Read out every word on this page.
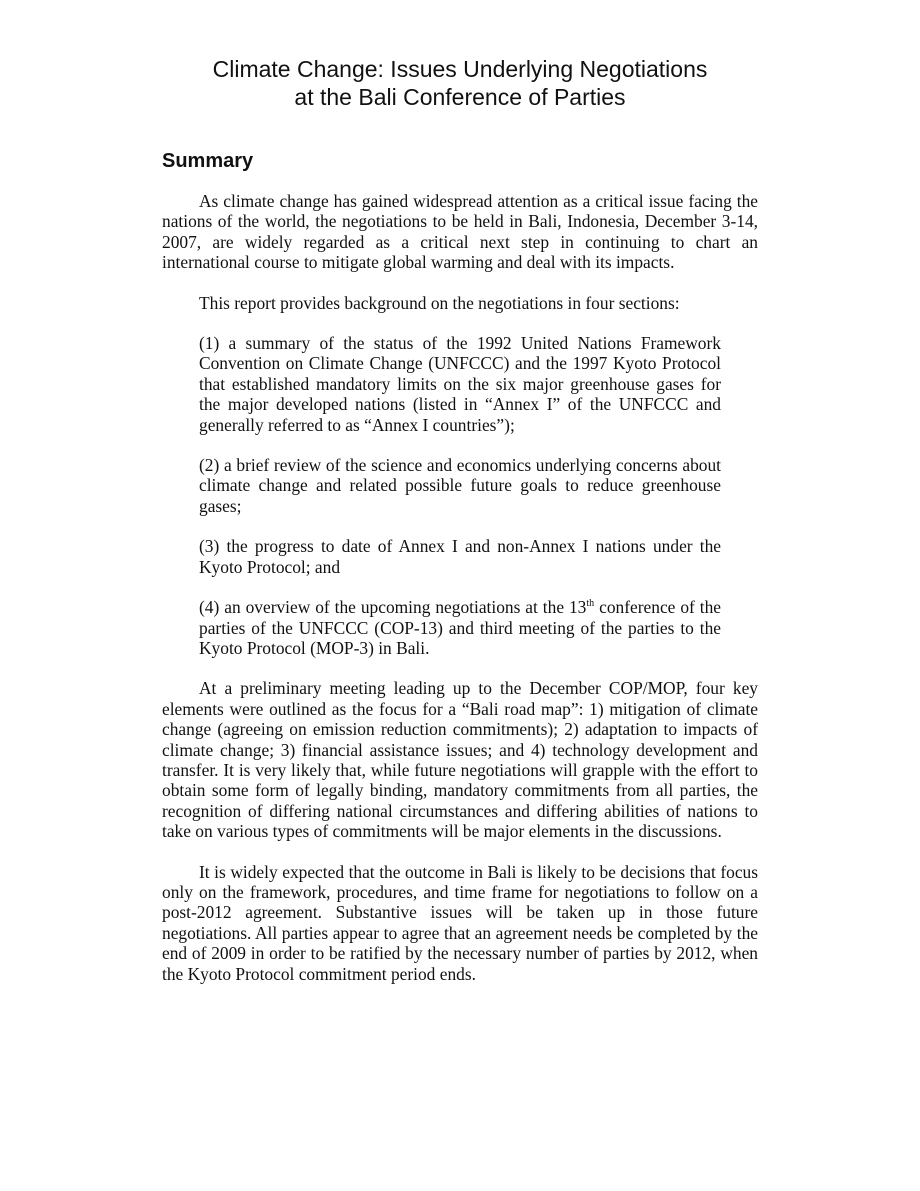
Climate Change: Issues Underlying Negotiations
at the Bali Conference of Parties
Summary

As climate change has gained widespread attention as a critical issue facing the nations of the world, the negotiations to be held in Bali, Indonesia, December 3-14, 2007, are widely regarded as a critical next step in continuing to chart an international course to mitigate global warming and deal with its impacts.

This report provides background on the negotiations in four sections:

(1) a summary of the status of the 1992 United Nations Framework Convention on Climate Change (UNFCCC) and the 1997 Kyoto Protocol that established mandatory limits on the six major greenhouse gases for the major developed nations (listed in “Annex I” of the UNFCCC and generally referred to as “Annex I countries”);

(2) a brief review of the science and economics underlying concerns about climate change and related possible future goals to reduce greenhouse gases;

(3) the progress to date of Annex I and non-Annex I nations under the Kyoto Protocol; and

(4) an overview of the upcoming negotiations at the 13th conference of the parties of the UNFCCC (COP-13) and third meeting of the parties to the Kyoto Protocol (MOP-3) in Bali.

At a preliminary meeting leading up to the December COP/MOP, four key elements were outlined as the focus for a “Bali road map”: 1) mitigation of climate change (agreeing on emission reduction commitments); 2) adaptation to impacts of climate change; 3) financial assistance issues; and 4) technology development and transfer. It is very likely that, while future negotiations will grapple with the effort to obtain some form of legally binding, mandatory commitments from all parties, the recognition of differing national circumstances and differing abilities of nations to take on various types of commitments will be major elements in the discussions.

It is widely expected that the outcome in Bali is likely to be decisions that focus only on the framework, procedures, and time frame for negotiations to follow on a post-2012 agreement. Substantive issues will be taken up in those future negotiations. All parties appear to agree that an agreement needs be completed by the end of 2009 in order to be ratified by the necessary number of parties by 2012, when the Kyoto Protocol commitment period ends.
